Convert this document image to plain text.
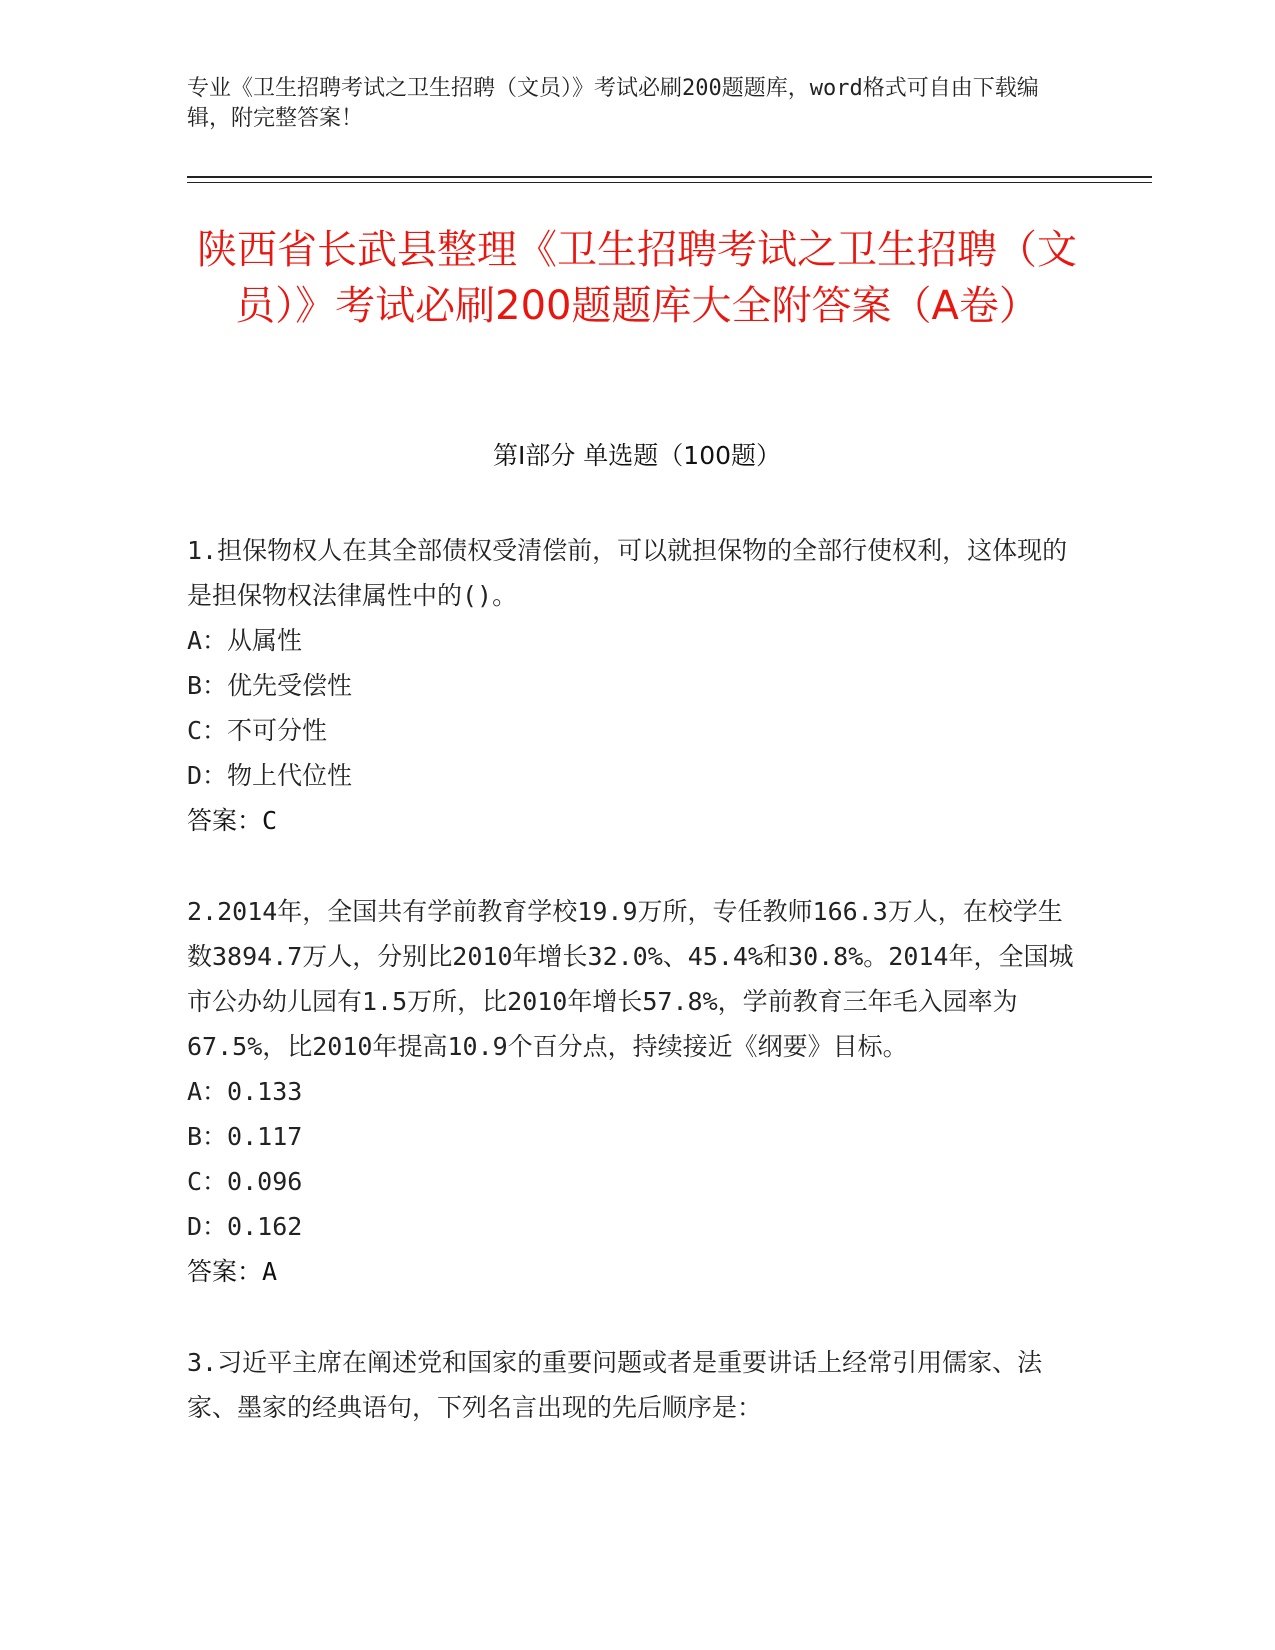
专业《卫生招聘考试之卫生招聘（文员）》考试必刷200题题库，word格式可自由下载编辑，附完整答案！
陕西省长武县整理《卫生招聘考试之卫生招聘（文员）》考试必刷200题题库大全附答案（A卷）
第Ⅰ部分 单选题（100题）
1.担保物权人在其全部债权受清偿前，可以就担保物的全部行使权利，这体现的是担保物权法律属性中的()。
A：从属性
B：优先受偿性
C：不可分性
D：物上代位性
答案：C
2.2014年，全国共有学前教育学校19.9万所，专任教师166.3万人，在校学生数3894.7万人，分别比2010年增长32.0%、45.4%和30.8%。2014年，全国城市公办幼儿园有1.5万所，比2010年增长57.8%，学前教育三年毛入园率为67.5%，比2010年提高10.9个百分点，持续接近《纲要》目标。
A：0.133
B：0.117
C：0.096
D：0.162
答案：A
3.习近平主席在阐述党和国家的重要问题或者是重要讲话上经常引用儒家、法家、墨家的经典语句，下列名言出现的先后顺序是：
